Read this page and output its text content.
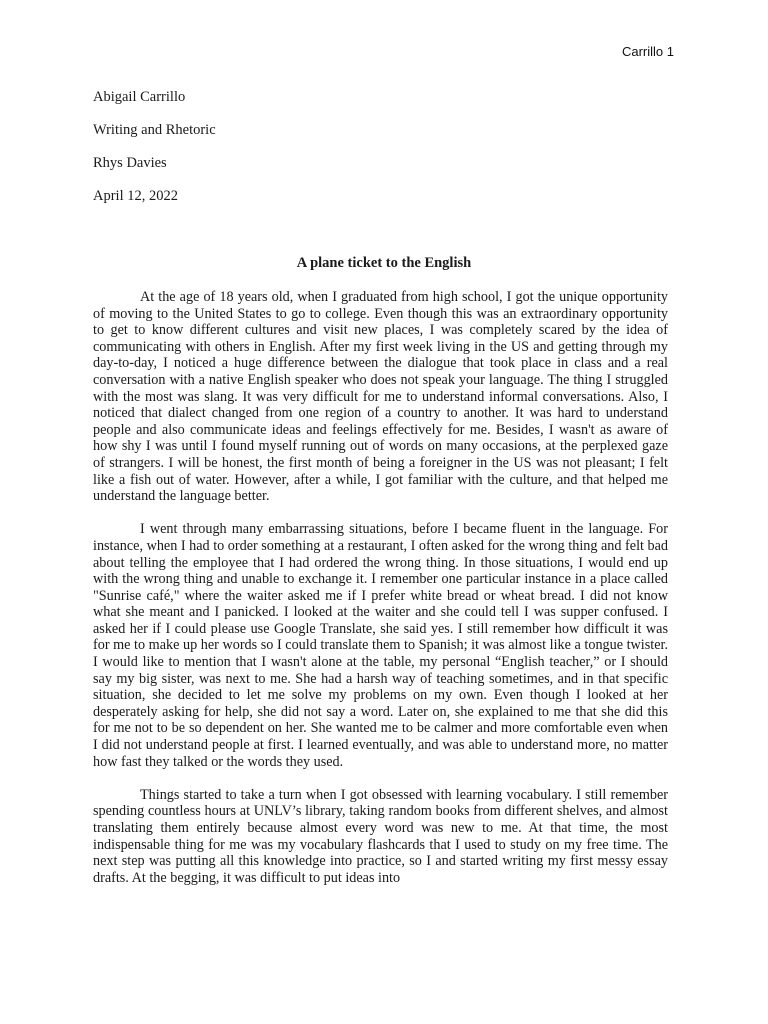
Carrillo 1
Abigail Carrillo
Writing and Rhetoric
Rhys Davies
April 12, 2022
A plane ticket to the English

At the age of 18 years old, when I graduated from high school, I got the unique opportunity of moving to the United States to go to college. Even though this was an extraordinary opportunity to get to know different cultures and visit new places, I was completely scared by the idea of communicating with others in English. After my first week living in the US and getting through my day-to-day, I noticed a huge difference between the dialogue that took place in class and a real conversation with a native English speaker who does not speak your language. The thing I struggled with the most was slang. It was very difficult for me to understand informal conversations. Also, I noticed that dialect changed from one region of a country to another. It was hard to understand people and also communicate ideas and feelings effectively for me. Besides, I wasn't as aware of how shy I was until I found myself running out of words on many occasions, at the perplexed gaze of strangers. I will be honest, the first month of being a foreigner in the US was not pleasant; I felt like a fish out of water. However, after a while, I got familiar with the culture, and that helped me understand the language better.

I went through many embarrassing situations, before I became fluent in the language. For instance, when I had to order something at a restaurant, I often asked for the wrong thing and felt bad about telling the employee that I had ordered the wrong thing. In those situations, I would end up with the wrong thing and unable to exchange it. I remember one particular instance in a place called "Sunrise café," where the waiter asked me if I prefer white bread or wheat bread. I did not know what she meant and I panicked. I looked at the waiter and she could tell I was supper confused. I asked her if I could please use Google Translate, she said yes. I still remember how difficult it was for me to make up her words so I could translate them to Spanish; it was almost like a tongue twister. I would like to mention that I wasn't alone at the table, my personal “English teacher,” or I should say my big sister, was next to me. She had a harsh way of teaching sometimes, and in that specific situation, she decided to let me solve my problems on my own. Even though I looked at her desperately asking for help, she did not say a word. Later on, she explained to me that she did this for me not to be so dependent on her. She wanted me to be calmer and more comfortable even when I did not understand people at first. I learned eventually, and was able to understand more, no matter how fast they talked or the words they used.

Things started to take a turn when I got obsessed with learning vocabulary. I still remember spending countless hours at UNLV’s library, taking random books from different shelves, and almost translating them entirely because almost every word was new to me. At that time, the most indispensable thing for me was my vocabulary flashcards that I used to study on my free time. The next step was putting all this knowledge into practice, so I and started writing my first messy essay drafts. At the begging, it was difficult to put ideas into
